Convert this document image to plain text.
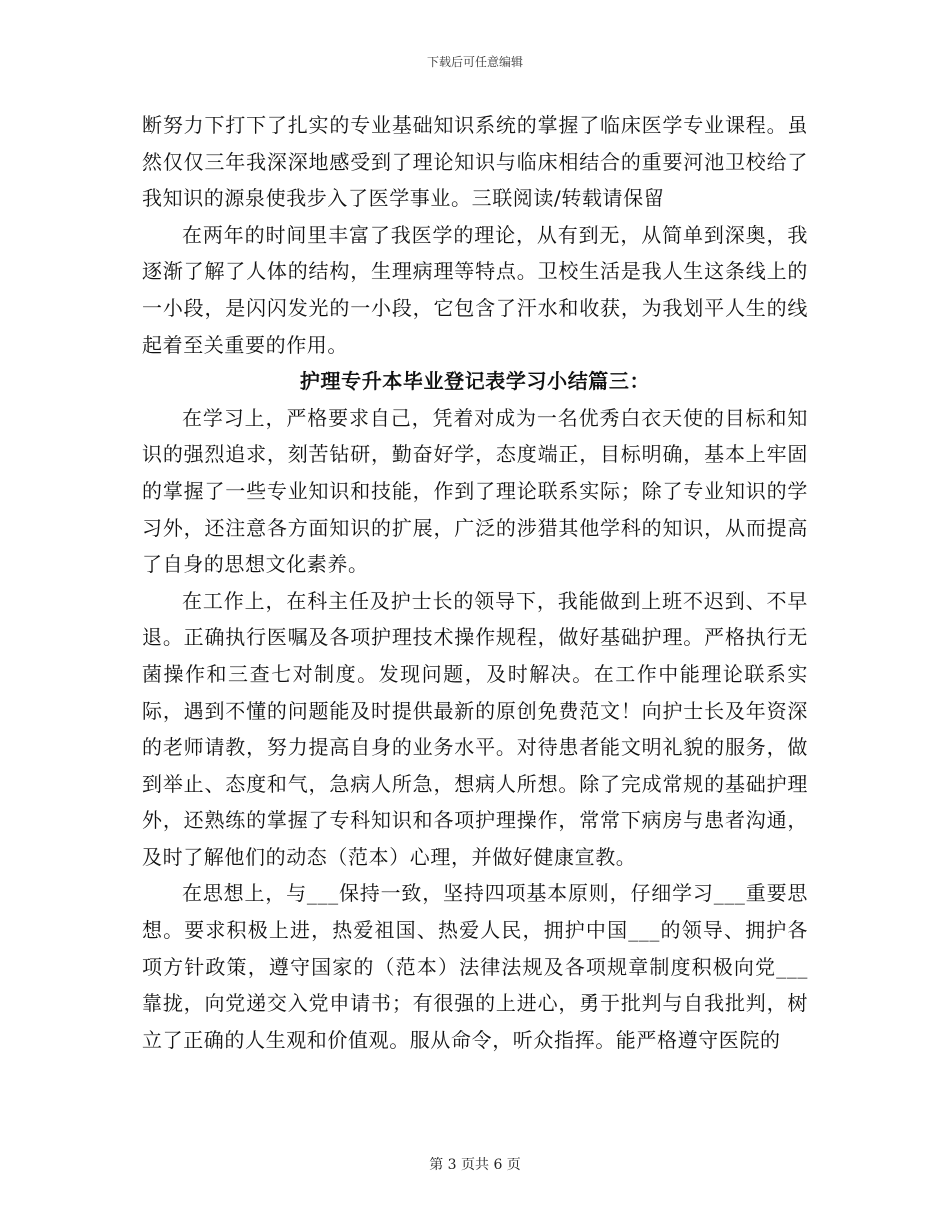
下载后可任意编辑

断努力下打下了扎实的专业基础知识系统的掌握了临床医学专业课程。虽然仅仅三年我深深地感受到了理论知识与临床相结合的重要河池卫校给了我知识的源泉使我步入了医学事业。三联阅读/转载请保留

在两年的时间里丰富了我医学的理论，从有到无，从简单到深奥，我逐渐了解了人体的结构，生理病理等特点。卫校生活是我人生这条线上的一小段，是闪闪发光的一小段，它包含了汗水和收获，为我划平人生的线起着至关重要的作用。

护理专升本毕业登记表学习小结篇三：

在学习上，严格要求自己，凭着对成为一名优秀白衣天使的目标和知识的强烈追求，刻苦钻研，勤奋好学，态度端正，目标明确，基本上牢固的掌握了一些专业知识和技能，作到了理论联系实际；除了专业知识的学习外，还注意各方面知识的扩展，广泛的涉猎其他学科的知识，从而提高了自身的思想文化素养。

在工作上，在科主任及护士长的领导下，我能做到上班不迟到、不早退。正确执行医嘱及各项护理技术操作规程，做好基础护理。严格执行无菌操作和三查七对制度。发现问题，及时解决。在工作中能理论联系实际，遇到不懂的问题能及时提供最新的原创免费范文！向护士长及年资深的老师请教，努力提高自身的业务水平。对待患者能文明礼貌的服务，做到举止、态度和气，急病人所急，想病人所想。除了完成常规的基础护理外，还熟练的掌握了专科知识和各项护理操作，常常下病房与患者沟通，及时了解他们的动态（范本）心理，并做好健康宣教。

在思想上，与___保持一致，坚持四项基本原则，仔细学习___重要思想。要求积极上进，热爱祖国、热爱人民，拥护中国___的领导、拥护各项方针政策，遵守国家的（范本）法律法规及各项规章制度积极向党___靠拢，向党递交入党申请书；有很强的上进心，勇于批判与自我批判，树立了正确的人生观和价值观。服从命令，听众指挥。能严格遵守医院的

第 3 页共 6 页
